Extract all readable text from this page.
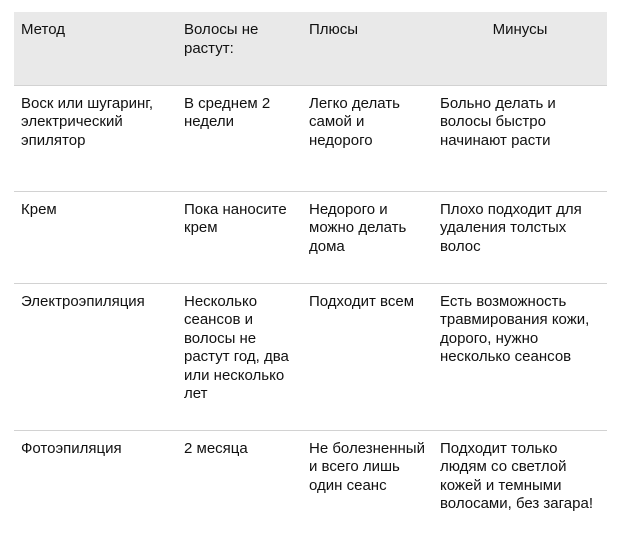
Метод	Волосы не растут:	Плюсы	Минусы
Воск или шугаринг, электрический эпилятор	В среднем 2 недели	Легко делать самой и недорого	Больно делать и волосы быстро начинают расти
Крем	Пока наносите крем	Недорого и можно делать дома	Плохо подходит для удаления толстых волос
Электроэпиляция	Несколько сеансов и волосы не растут год, два или несколько лет	Подходит всем	Есть возможность травмирования кожи, дорого, нужно несколько сеансов
Фотоэпиляция	2 месяца	Не болезненный и всего лишь один сеанс	Подходит только людям со светлой кожей и темными волосами, без загара!
